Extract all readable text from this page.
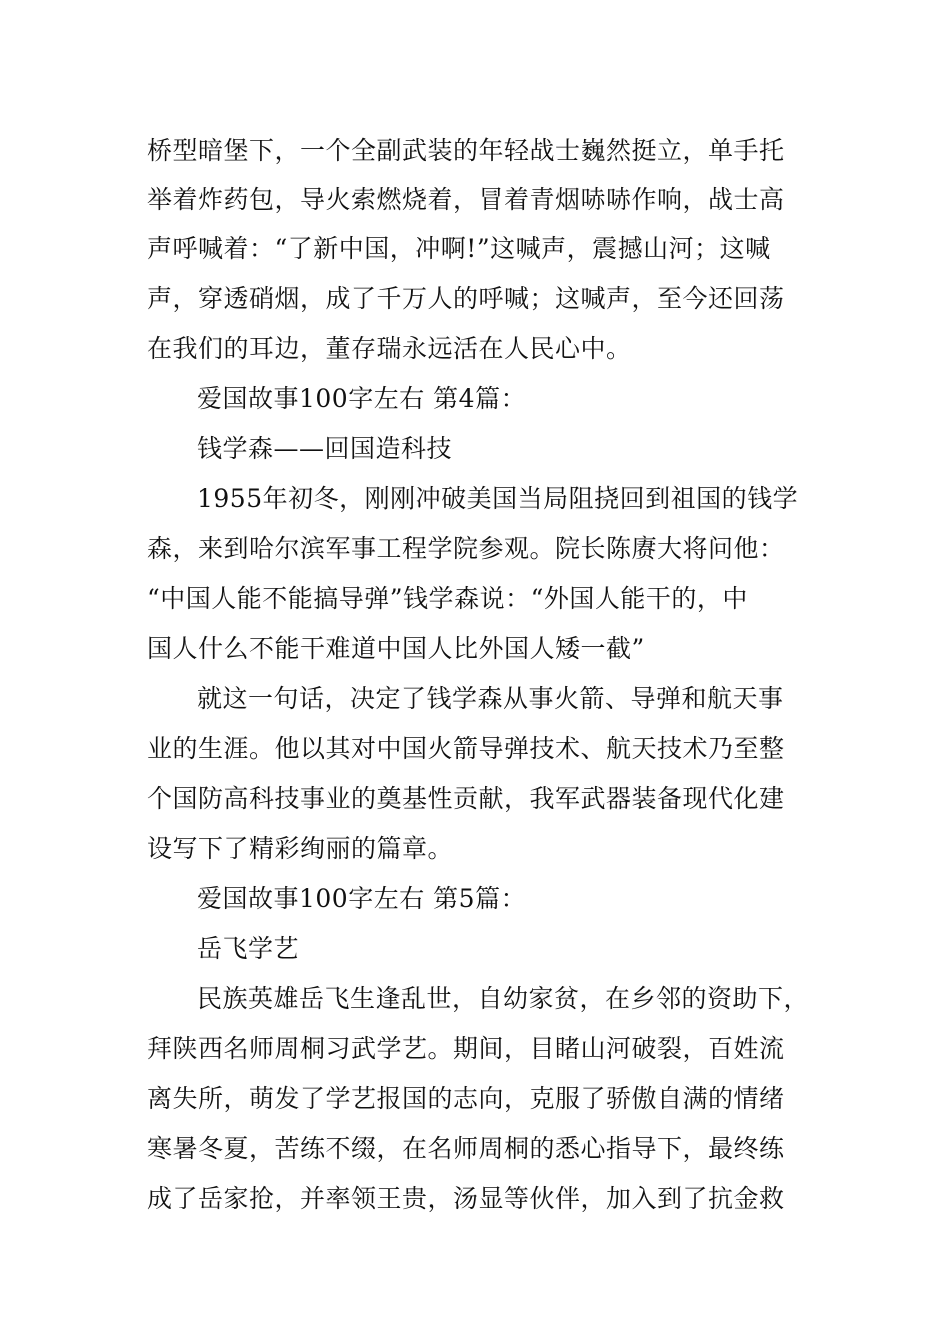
桥型暗堡下，一个全副武装的年轻战士巍然挺立，单手托
举着炸药包，导火索燃烧着，冒着青烟哧哧作响，战士高
声呼喊着：“了新中国，冲啊!”这喊声，震撼山河；这喊
声，穿透硝烟，成了千万人的呼喊；这喊声，至今还回荡
在我们的耳边，董存瑞永远活在人民心中。
爱国故事100字左右 第4篇：
钱学森——回国造科技
1955年初冬，刚刚冲破美国当局阻挠回到祖国的钱学
森，来到哈尔滨军事工程学院参观。院长陈赓大将问他：
“中国人能不能搞导弹”钱学森说：“外国人能干的，中
国人什么不能干难道中国人比外国人矮一截”
就这一句话，决定了钱学森从事火箭、导弹和航天事
业的生涯。他以其对中国火箭导弹技术、航天技术乃至整
个国防高科技事业的奠基性贡献，我军武器装备现代化建
设写下了精彩绚丽的篇章。
爱国故事100字左右 第5篇：
岳飞学艺
民族英雄岳飞生逢乱世，自幼家贫，在乡邻的资助下，
拜陕西名师周桐习武学艺。期间，目睹山河破裂，百姓流
离失所，萌发了学艺报国的志向，克服了骄傲自满的情绪
寒暑冬夏，苦练不缀，在名师周桐的悉心指导下，最终练
成了岳家抢，并率领王贵，汤显等伙伴，加入到了抗金救
